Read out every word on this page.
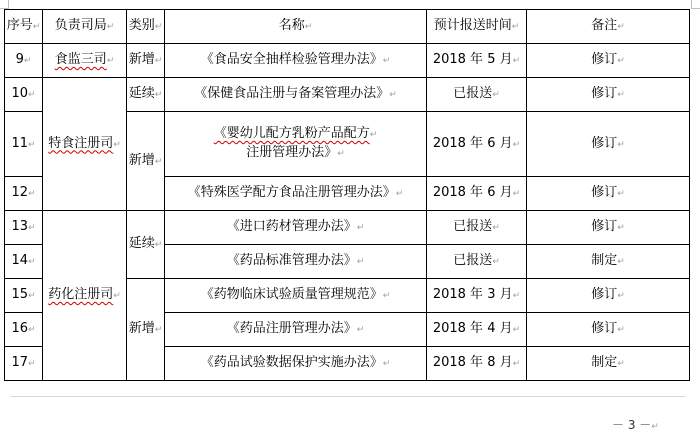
序号↵	负责司局↵	类别↵	名称↵	预计报送时间↵	备注↵
9↵	食监三司↵	新增↵	《食品安全抽样检验管理办法》↵	2018 年 5 月↵	修订↵
10↵	特食注册司↵	延续↵	《保健食品注册与备案管理办法》↵	已报送↵	修订↵
11↵		新增↵	《婴幼儿配方乳粉产品配方↵
注册管理办法》↵	2018 年 6 月↵	修订↵
12↵			《特殊医学配方食品注册管理办法》↵	2018 年 6 月↵	修订↵
13↵	药化注册司↵	延续↵	《进口药材管理办法》↵	已报送↵	修订↵
14↵			《药品标准管理办法》↵	已报送↵	制定↵
15↵		新增↵	《药物临床试验质量管理规范》↵	2018 年 3 月↵	修订↵
16↵			《药品注册管理办法》↵	2018 年 4 月↵	修订↵
17↵			《药品试验数据保护实施办法》↵	2018 年 8 月↵	制定↵
－ 3 －↵
